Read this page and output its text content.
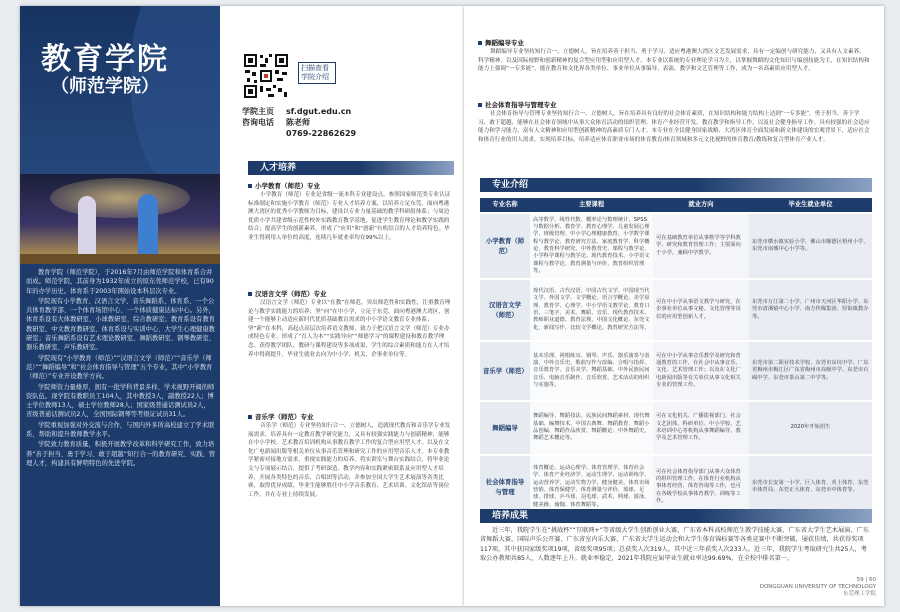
教育学院
（师范学院）

教育学院（师范学院），于2016年7月由师范学院和体育系合并而成。师范学院，其前身为1932年成立的原东莞师范学校，已有90年的办学历史。体育系于2003年開始设本科层次专业。

学院现有小学教育、汉语言文学、音乐舞蹈系、体育系、一个公共体育教学部、一个体育场馆中心、一个体质健康达标中心。另外，体育系设有大体教研室、小球教研室、综合教研室；教育系设有教育教研室、中文教育教研室、体育系设与实训中心、大学生心理健康教研室；音乐舞蹈系设有艺术理论教研室、舞蹈教研室、钢琴教研室、器乐教研室、声乐教研室。

学院现有“小学教育（师范）”“汉语言文学（师范）”“音乐学（师范）”“舞蹈编导”和“社会体育指导与管理”五个专业，其中“小学教育（师范）”专业开设教学方向。

学院师资力量雄厚，拥有一批学科背景多样、学术视野开阔的师资队伍。现学院有教职员工104人，其中教授3人，副教授22人；博士学位教师13人，硕士学位教师28人；国家级普通话测试员2人，省级普通话测试员2人，全国国际钢琴等考级证试员31人。

学院重视加强对外交流与合作，与国内外多所高校建立了学术联系，帮助和提升教师教学水平。

学院致力教育质量，积极开展教学改革和科学研究工作，致力培养“善于担当、勇于学习、敢于超越”知行合一的教育研究、实践、管理人才，构建具有鲜明特色的先进学院。

扫描查看学院介绍
学院主页 sf.dgut.edu.cn
咨询电话 陈老师
0769-22862629
人才培养
小学教育（师范）专业
小学教育（师范）专业是省级一流本科专业建设点。参照国家师范类专业认证标准制定和实施小学教育（师范）专业人才培养方案，以培养立足东莞、面向粤港澳大湾区的优秀小学教师为目标，建设以专业力量基础的教学科研组体系；与周边优质小学共建省级示范性校外实践教育教学基地，促进学生教育理论和教学实践的结合；提高学生的创新素养，形成了“应用”和“创新”有机结合的人才培养特色。毕业生得到用人单位的高度，连续几年就业率均在99%以上。
汉语言文学（师范）专业
汉语言文学（师范）专业以“在教”在师范，突出师范性和实践性，注重教育理论与教学实践能力的培养；坚“向”在中小学，立足于东莞，面向粤港澳大湾区，创建一个能够主动适应新时代优质基础教育需求的中小学语文教育专业体系；坚“新”在本科，高起点高层次培养语文教师，致力于把汉语言文学（师范）专业办成特色专业。形成了“育人为本”“实践导向”“师德学习”的课程建设和教育教学理念。获得教学团队、教研与课程建设等多项成果，学生的综合素质和能力在人才培养中得到提升，毕业生就业去向为中小学、机关、企事业单位等。
音乐学（师范）专业
音乐学（师范）专业坚持知行合一、立德树人，造就现代教育和音乐学专业发展需求。培养具有一定教育教学研究能力，又具有较强实践能力与创新精神，能够在中小学校、艺术教育培训机构从事教育教学工作的复合型应用型人才。以及在文化广电新闻出版等相关单位从事音乐管理和研究工作的应用型音乐人才。本专业教学紧密对接地方需求，重视实践能力的培养，将实训室与舞台实践结合，将毕业论文与专项展示结合，提供了考研深造、教学内容和实践紧密联系及应用型人才培养，开展各类特色的音乐、合唱团等活动，并参加全国大学生艺术展演等各类比赛，取得优异成绩。毕业生能够胜任中小学音乐教育、艺术培训、文化馆站等岗位工作，并在专业上持续发展。
舞蹈编导专业
舞蹈编导专业坚持知行合一、立德树人，旨在培养善于担当、勇于学习、适应粤港澳大湾区文艺发展需求，具有一定编创与研究能力，又具有人文素养、科学精神，以及国际视野和创新精神的复合型应用型和应用型人才。本专业以系统的专业理论学习为主，以掌握舞蹈的文化知识与编创技能为主，在知识结构和能力上强调“一专多能”，能在教育和文化界各类单位、事业单位从事编导、表演、教学和文艺管理等工作，成为一名高素质应用型人才。
社会体育指导与管理专业
社会体育指导与管理专业坚持知行合一、立德树人，旨在培养具有良好的社会体育素质，在知识结构和能力结构上达到“一专多能”，勇于担当、善于学习、敢于超越、能够在社会体育领域中从事大众体育活动的组织管理、体育产业经营开发、教育教学和指导工作，以及社会健身指导工作。具有较强的社会适应能力和学习能力，富有人文精神和应用型创新精神的高素质专门人才。本专业在全民健身国家战略、大湾区体育全面发展和新文体建设的宏观背景下，适应社会和体育行业的用人需求，实现培养目标，培养适应体育职业市场的体育教育/体育领域和多元文化视野的体育教育/教练和复合型体育产业人才。
专业介绍
专业名称	主要课程	就业方向	毕业生就业单位
小学教育（师范）	高等数学、线性代数、概率论与数理统计、SPSS与数据分析、教育学、教育心理学、儿童发展心理学、班级管理、中小学心理健康教育、小学数学课程与教学论、教育研究方法、家庭教育学、科学概论、教育科学研究、中外教育史、课程与教学论、小学科学课程与教学论、现代教育技术、小学语文课程与教学论、教育测量与评价、教育组织管理等。	可在基础教育单位从事数学等学科教学、研究和教育管理工作；主要面向于小学，兼顾中学教学。	东莞市横水镇实验小学、佛山市顺德区梧州小学、东莞市南城中心小学等。
汉语言文学（师范）	现代汉语、古代汉语、中国古代文学、中国现当代文学、外国文学、文学概论、语言学概论、美学原理、教育学、心理学、中小学语文教学论、教育口语、三笔字、美术、舞蹈、音乐、现代教育技术、教师职业道德、教育法规、中国文化概论、东莞文化、新闻写作、比较文学概论、教育研究方法等。	可在中小学从事语文教学与研究，在企事业单位从事文秘、文化管理等岗位的应用型创新人才。	东莞市万江第二小学、广州市天河区华阳小学、东莞市清溪镇中心小学、南方传媒集团、厚街镇教办等。
音乐学（师范）	基本乐理、视唱练耳、钢琴、声乐、器乐演奏与表演、中外音乐史、歌曲写作与改编、合唱与指挥、音乐教育学、音乐美学、舞蹈基础、中外民族民间音乐、电脑音乐制作、音乐欣赏、艺术活动的组织与实施等。	可在中小学从事音乐教学及研究和普通教育的工作，在社会中从事音乐、文化、艺术管理工作；以及在文化广电新闻出版等有关单位从事文化相关专业的管理工作。	东莞市第二职业技术学校、东莞市东坑中学、广东省梅州市梅江区广东省梅州市高级中学、东莞市石碣中学、东莞市茶山第二中学等。
舞蹈编导	舞蹈编导、舞蹈技法、民族民间舞蹈素材、现代舞基础、编舞技术、中国古典舞、舞蹈教育、舞蹈小品创编、舞蹈作品欣赏、舞蹈概论、中外舞蹈史、舞蹈艺术概论等。	可在文化机关、广播影视部门、社会文艺团体、科研单位、中小学校、艺术培训中心等机构从事舞蹈编导、教学及艺术管理工作。	2020年开始招生
社会体育指导与管理	体育概论、运动心理学、体育管理学、体育社会学、体育产业经济学、运动生理学、运动训练学、运动营养学、运动生物力学、健身健美、体育市场营销、体育保健学、体育测量与评价、篮球、足球、排球、乒乓球、羽毛球、武术、网球、游泳、健美操、瑜伽、体育舞蹈等。	可在社会体育指导部门从事大众体育的组织管理工作，在体育行业机构从事体育经营、体育咨询等工作，也可在各级学校从事体育教学、训练等工作。	东莞市长安第一小学、巨人体育、英士体育、东莞市体育局、东莞正大体育、东莞市中体育等。
培养成果
近三年，我院学生在“挑战杯”“互联网+”等省级大学生创新创业大赛，广东省本科高校师范生教学技能大赛、广东省大学生艺术展演、广东省舞蹈大赛、国际声乐公开赛、广东省室内乐大赛、广东省大学生运动会和大学生体育锦标赛等各类竞赛中不断突破，屡获佳绩，共获得奖项117项，其中获国家级奖项19项，省级奖项95项；总获奖人次319人。其中近三年获奖人次233人。近三年，我院学生考取研究生共25人，考取公办教师共85人，人数逐年上升。就业率稳定，2021年我院应届毕业生就业率达99.69%，在全校中排名第一。
59 | 60
DONGGUAN UNIVERSITY OF TECHNOLOGY
东莞理工学院
